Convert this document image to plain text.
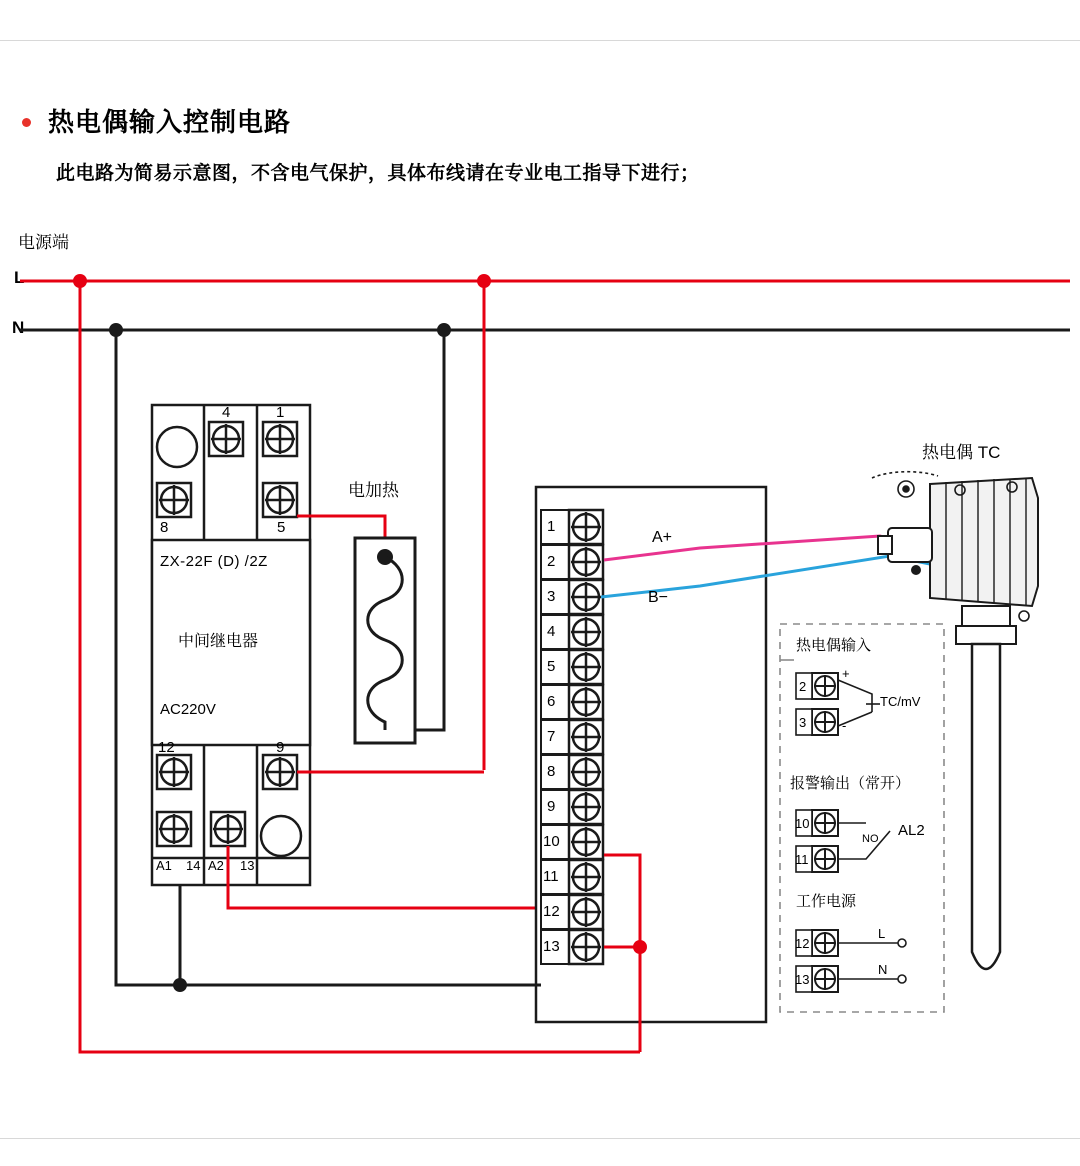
热电偶输入控制电路
此电路为简易示意图，不含电气保护，具体布线请在专业电工指导下进行；
电源端
L
N
4	1
8	5
12	9
A1 14 A2 13
ZX-22F (D) /2Z
中间继电器
AC220V
电加热
1
2
3
4
5
6
7
8
9
10
11
12
13
A+
B−
热电偶 TC
热电偶输入
2
3
+
-
TC/mV
报警输出（常开）
10
11
NO AL2
工作电源
12
13
L
N
